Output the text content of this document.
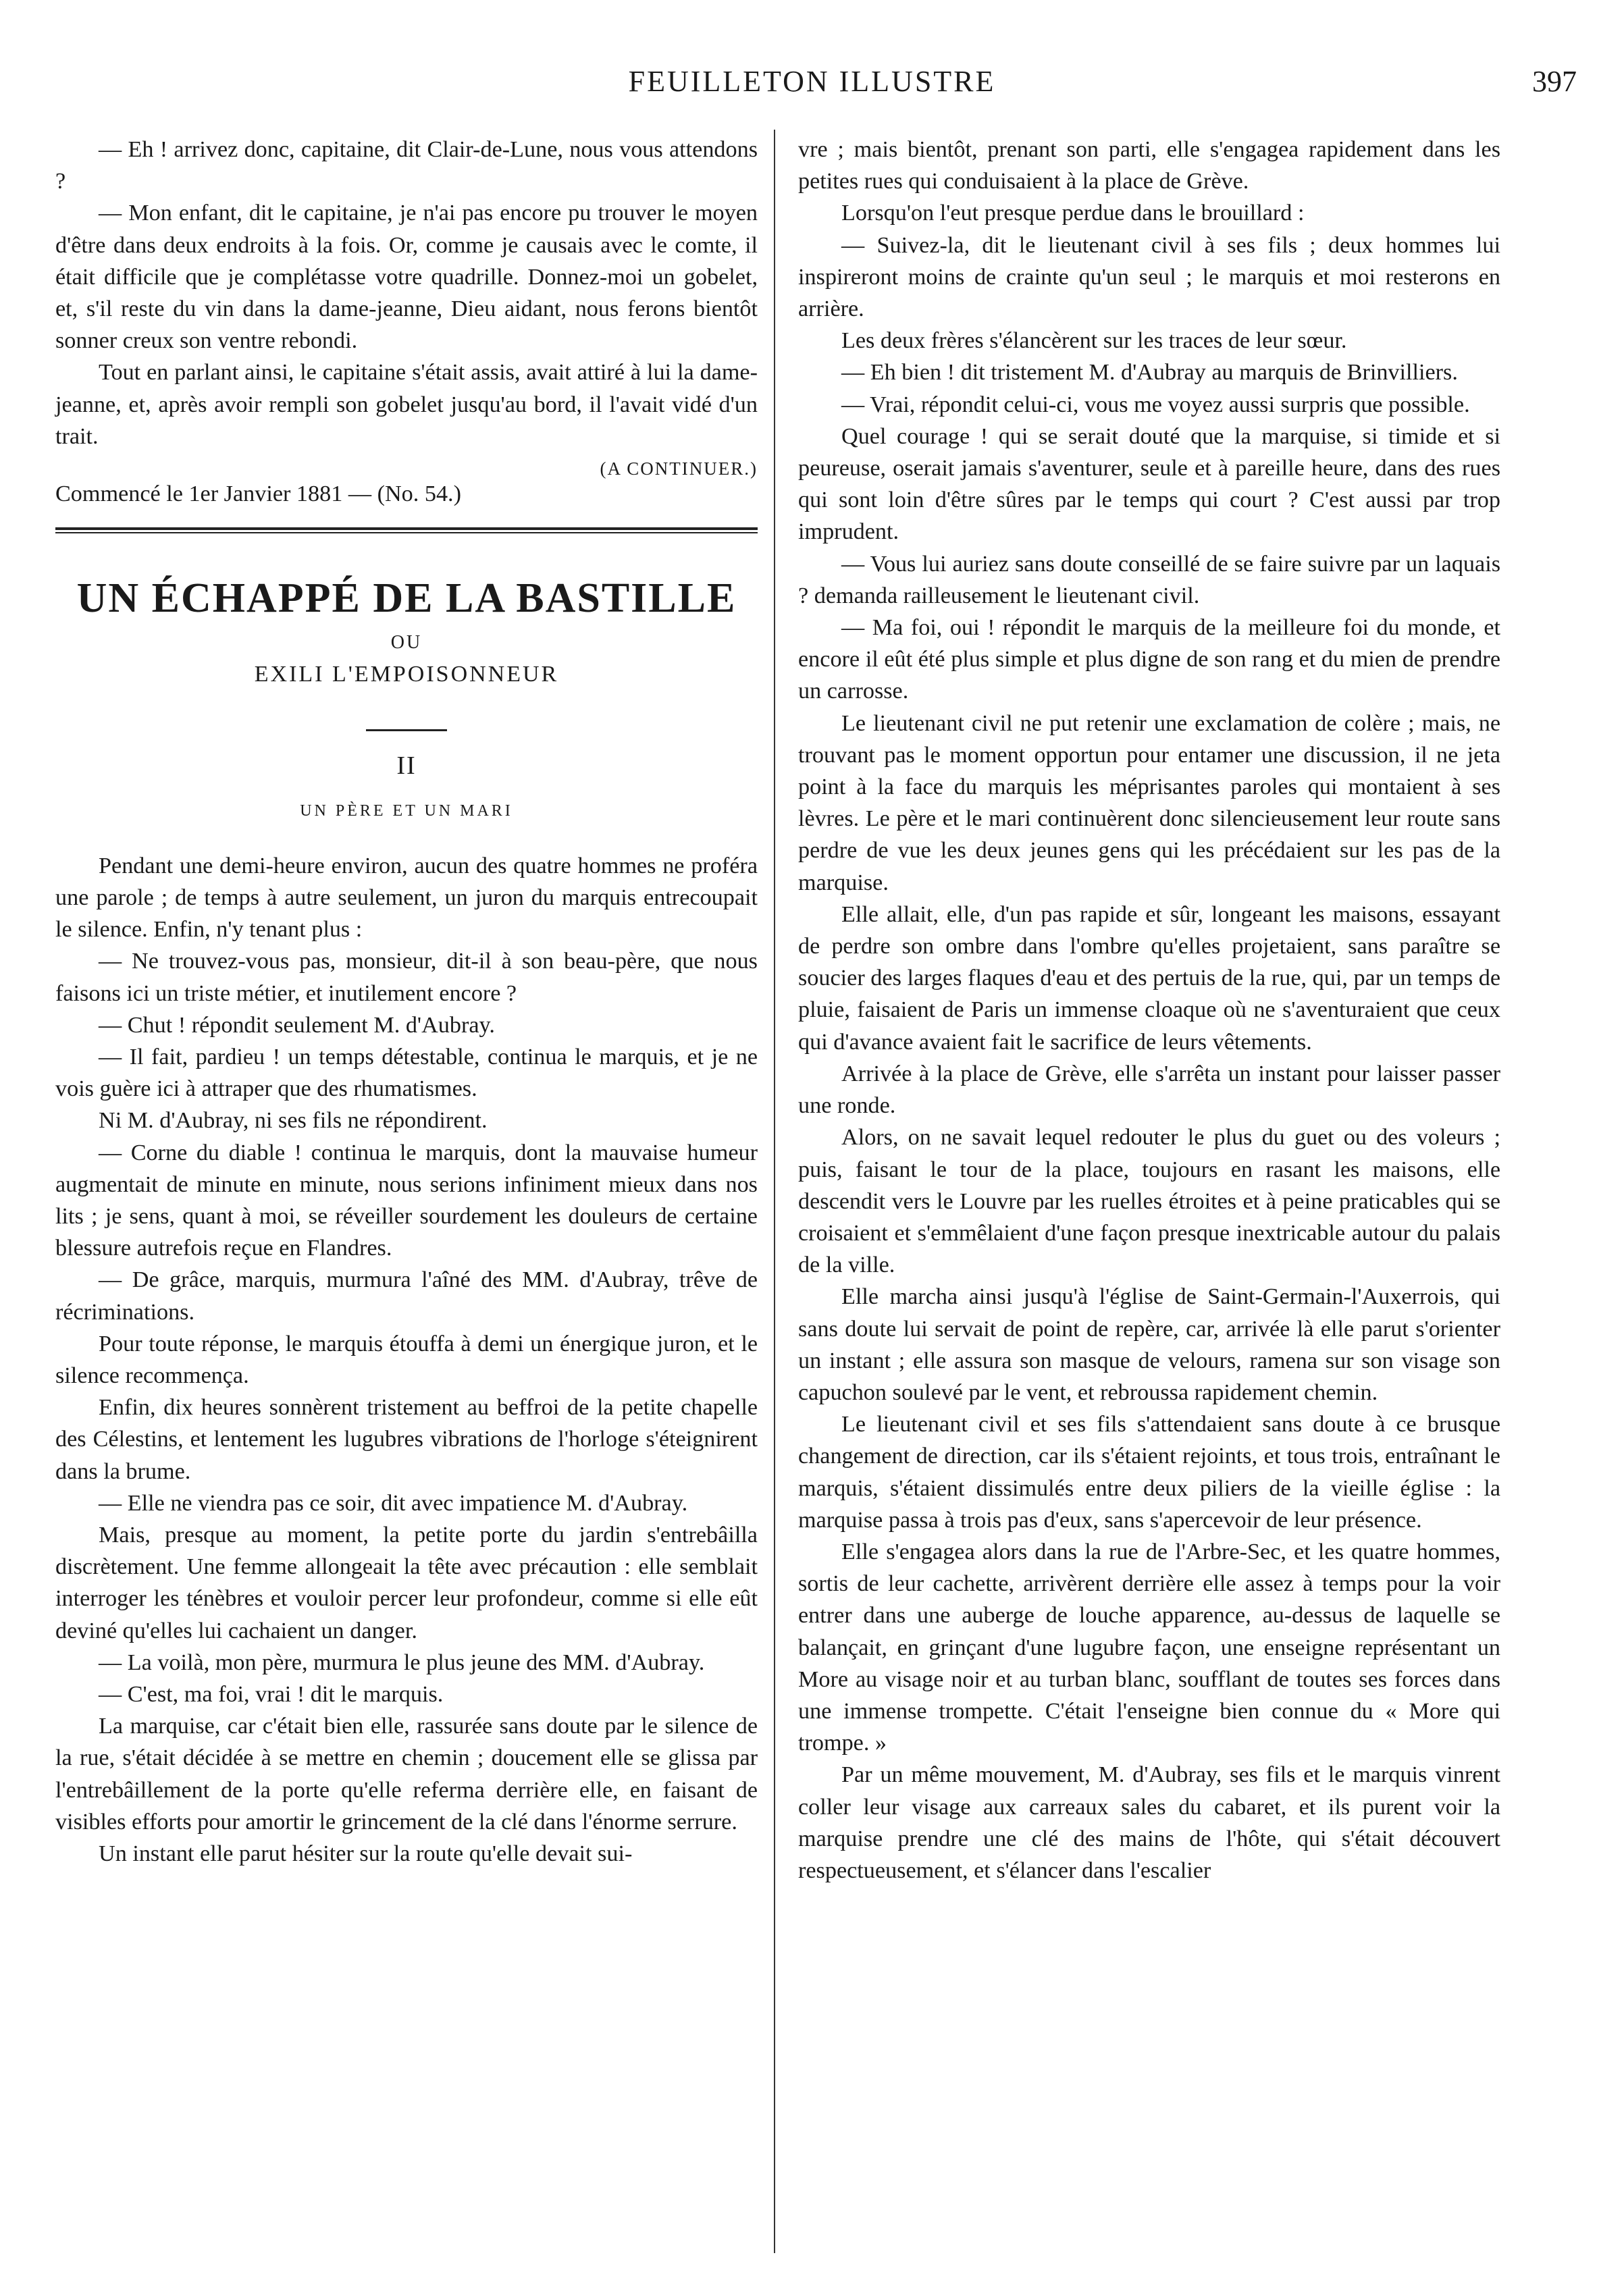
FEUILLETON ILLUSTRE	397

— Eh ! arrivez donc, capitaine, dit Clair-de-Lune, nous vous attendons ?

— Mon enfant, dit le capitaine, je n'ai pas encore pu trouver le moyen d'être dans deux endroits à la fois. Or, comme je causais avec le comte, il était difficile que je complétasse votre quadrille. Donnez-moi un gobelet, et, s'il reste du vin dans la dame-jeanne, Dieu aidant, nous ferons bientôt sonner creux son ventre rebondi.

Tout en parlant ainsi, le capitaine s'était assis, avait attiré à lui la dame-jeanne, et, après avoir rempli son gobelet jusqu'au bord, il l'avait vidé d'un trait.

(A CONTINUER.)

Commencé le 1er Janvier 1881 — (No. 54.)

UN ÉCHAPPÉ DE LA BASTILLE
OU
EXILI L'EMPOISONNEUR
II
UN PÈRE ET UN MARI

Pendant une demi-heure environ, aucun des quatre hommes ne proféra une parole ; de temps à autre seulement, un juron du marquis entrecoupait le silence. Enfin, n'y tenant plus :

— Ne trouvez-vous pas, monsieur, dit-il à son beau-père, que nous faisons ici un triste métier, et inutilement encore ?

— Chut ! répondit seulement M. d'Aubray.

— Il fait, pardieu ! un temps détestable, continua le marquis, et je ne vois guère ici à attraper que des rhumatismes.

Ni M. d'Aubray, ni ses fils ne répondirent.

— Corne du diable ! continua le marquis, dont la mauvaise humeur augmentait de minute en minute, nous serions infiniment mieux dans nos lits ; je sens, quant à moi, se réveiller sourdement les douleurs de certaine blessure autrefois reçue en Flandres.

— De grâce, marquis, murmura l'aîné des MM. d'Aubray, trêve de récriminations.

Pour toute réponse, le marquis étouffa à demi un énergique juron, et le silence recommença.

Enfin, dix heures sonnèrent tristement au beffroi de la petite chapelle des Célestins, et lentement les lugubres vibrations de l'horloge s'éteignirent dans la brume.

— Elle ne viendra pas ce soir, dit avec impatience M. d'Aubray.

Mais, presque au moment, la petite porte du jardin s'entrebâilla discrètement. Une femme allongeait la tête avec précaution : elle semblait interroger les ténèbres et vouloir percer leur profondeur, comme si elle eût deviné qu'elles lui cachaient un danger.

— La voilà, mon père, murmura le plus jeune des MM. d'Aubray.

— C'est, ma foi, vrai ! dit le marquis.

La marquise, car c'était bien elle, rassurée sans doute par le silence de la rue, s'était décidée à se mettre en chemin ; doucement elle se glissa par l'entrebâillement de la porte qu'elle referma derrière elle, en faisant de visibles efforts pour amortir le grincement de la clé dans l'énorme serrure.

Un instant elle parut hésiter sur la route qu'elle devait sui-

vre ; mais bientôt, prenant son parti, elle s'engagea rapidement dans les petites rues qui conduisaient à la place de Grève.

Lorsqu'on l'eut presque perdue dans le brouillard :

— Suivez-la, dit le lieutenant civil à ses fils ; deux hommes lui inspireront moins de crainte qu'un seul ; le marquis et moi resterons en arrière.

Les deux frères s'élancèrent sur les traces de leur sœur.

— Eh bien ! dit tristement M. d'Aubray au marquis de Brinvilliers.

— Vrai, répondit celui-ci, vous me voyez aussi surpris que possible.

Quel courage ! qui se serait douté que la marquise, si timide et si peureuse, oserait jamais s'aventurer, seule et à pareille heure, dans des rues qui sont loin d'être sûres par le temps qui court ? C'est aussi par trop imprudent.

— Vous lui auriez sans doute conseillé de se faire suivre par un laquais ? demanda railleusement le lieutenant civil.

— Ma foi, oui ! répondit le marquis de la meilleure foi du monde, et encore il eût été plus simple et plus digne de son rang et du mien de prendre un carrosse.

Le lieutenant civil ne put retenir une exclamation de colère ; mais, ne trouvant pas le moment opportun pour entamer une discussion, il ne jeta point à la face du marquis les méprisantes paroles qui montaient à ses lèvres. Le père et le mari continuèrent donc silencieusement leur route sans perdre de vue les deux jeunes gens qui les précédaient sur les pas de la marquise.

Elle allait, elle, d'un pas rapide et sûr, longeant les maisons, essayant de perdre son ombre dans l'ombre qu'elles projetaient, sans paraître se soucier des larges flaques d'eau et des pertuis de la rue, qui, par un temps de pluie, faisaient de Paris un immense cloaque où ne s'aventuraient que ceux qui d'avance avaient fait le sacrifice de leurs vêtements.

Arrivée à la place de Grève, elle s'arrêta un instant pour laisser passer une ronde.

Alors, on ne savait lequel redouter le plus du guet ou des voleurs ; puis, faisant le tour de la place, toujours en rasant les maisons, elle descendit vers le Louvre par les ruelles étroites et à peine praticables qui se croisaient et s'emmêlaient d'une façon presque inextricable autour du palais de la ville.

Elle marcha ainsi jusqu'à l'église de Saint-Germain-l'Auxerrois, qui sans doute lui servait de point de repère, car, arrivée là elle parut s'orienter un instant ; elle assura son masque de velours, ramena sur son visage son capuchon soulevé par le vent, et rebroussa rapidement chemin.

Le lieutenant civil et ses fils s'attendaient sans doute à ce brusque changement de direction, car ils s'étaient rejoints, et tous trois, entraînant le marquis, s'étaient dissimulés entre deux piliers de la vieille église : la marquise passa à trois pas d'eux, sans s'apercevoir de leur présence.

Elle s'engagea alors dans la rue de l'Arbre-Sec, et les quatre hommes, sortis de leur cachette, arrivèrent derrière elle assez à temps pour la voir entrer dans une auberge de louche apparence, au-dessus de laquelle se balançait, en grinçant d'une lugubre façon, une enseigne représentant un More au visage noir et au turban blanc, soufflant de toutes ses forces dans une immense trompette. C'était l'enseigne bien connue du « More qui trompe. »

Par un même mouvement, M. d'Aubray, ses fils et le marquis vinrent coller leur visage aux carreaux sales du cabaret, et ils purent voir la marquise prendre une clé des mains de l'hôte, qui s'était découvert respectueusement, et s'élancer dans l'escalier
